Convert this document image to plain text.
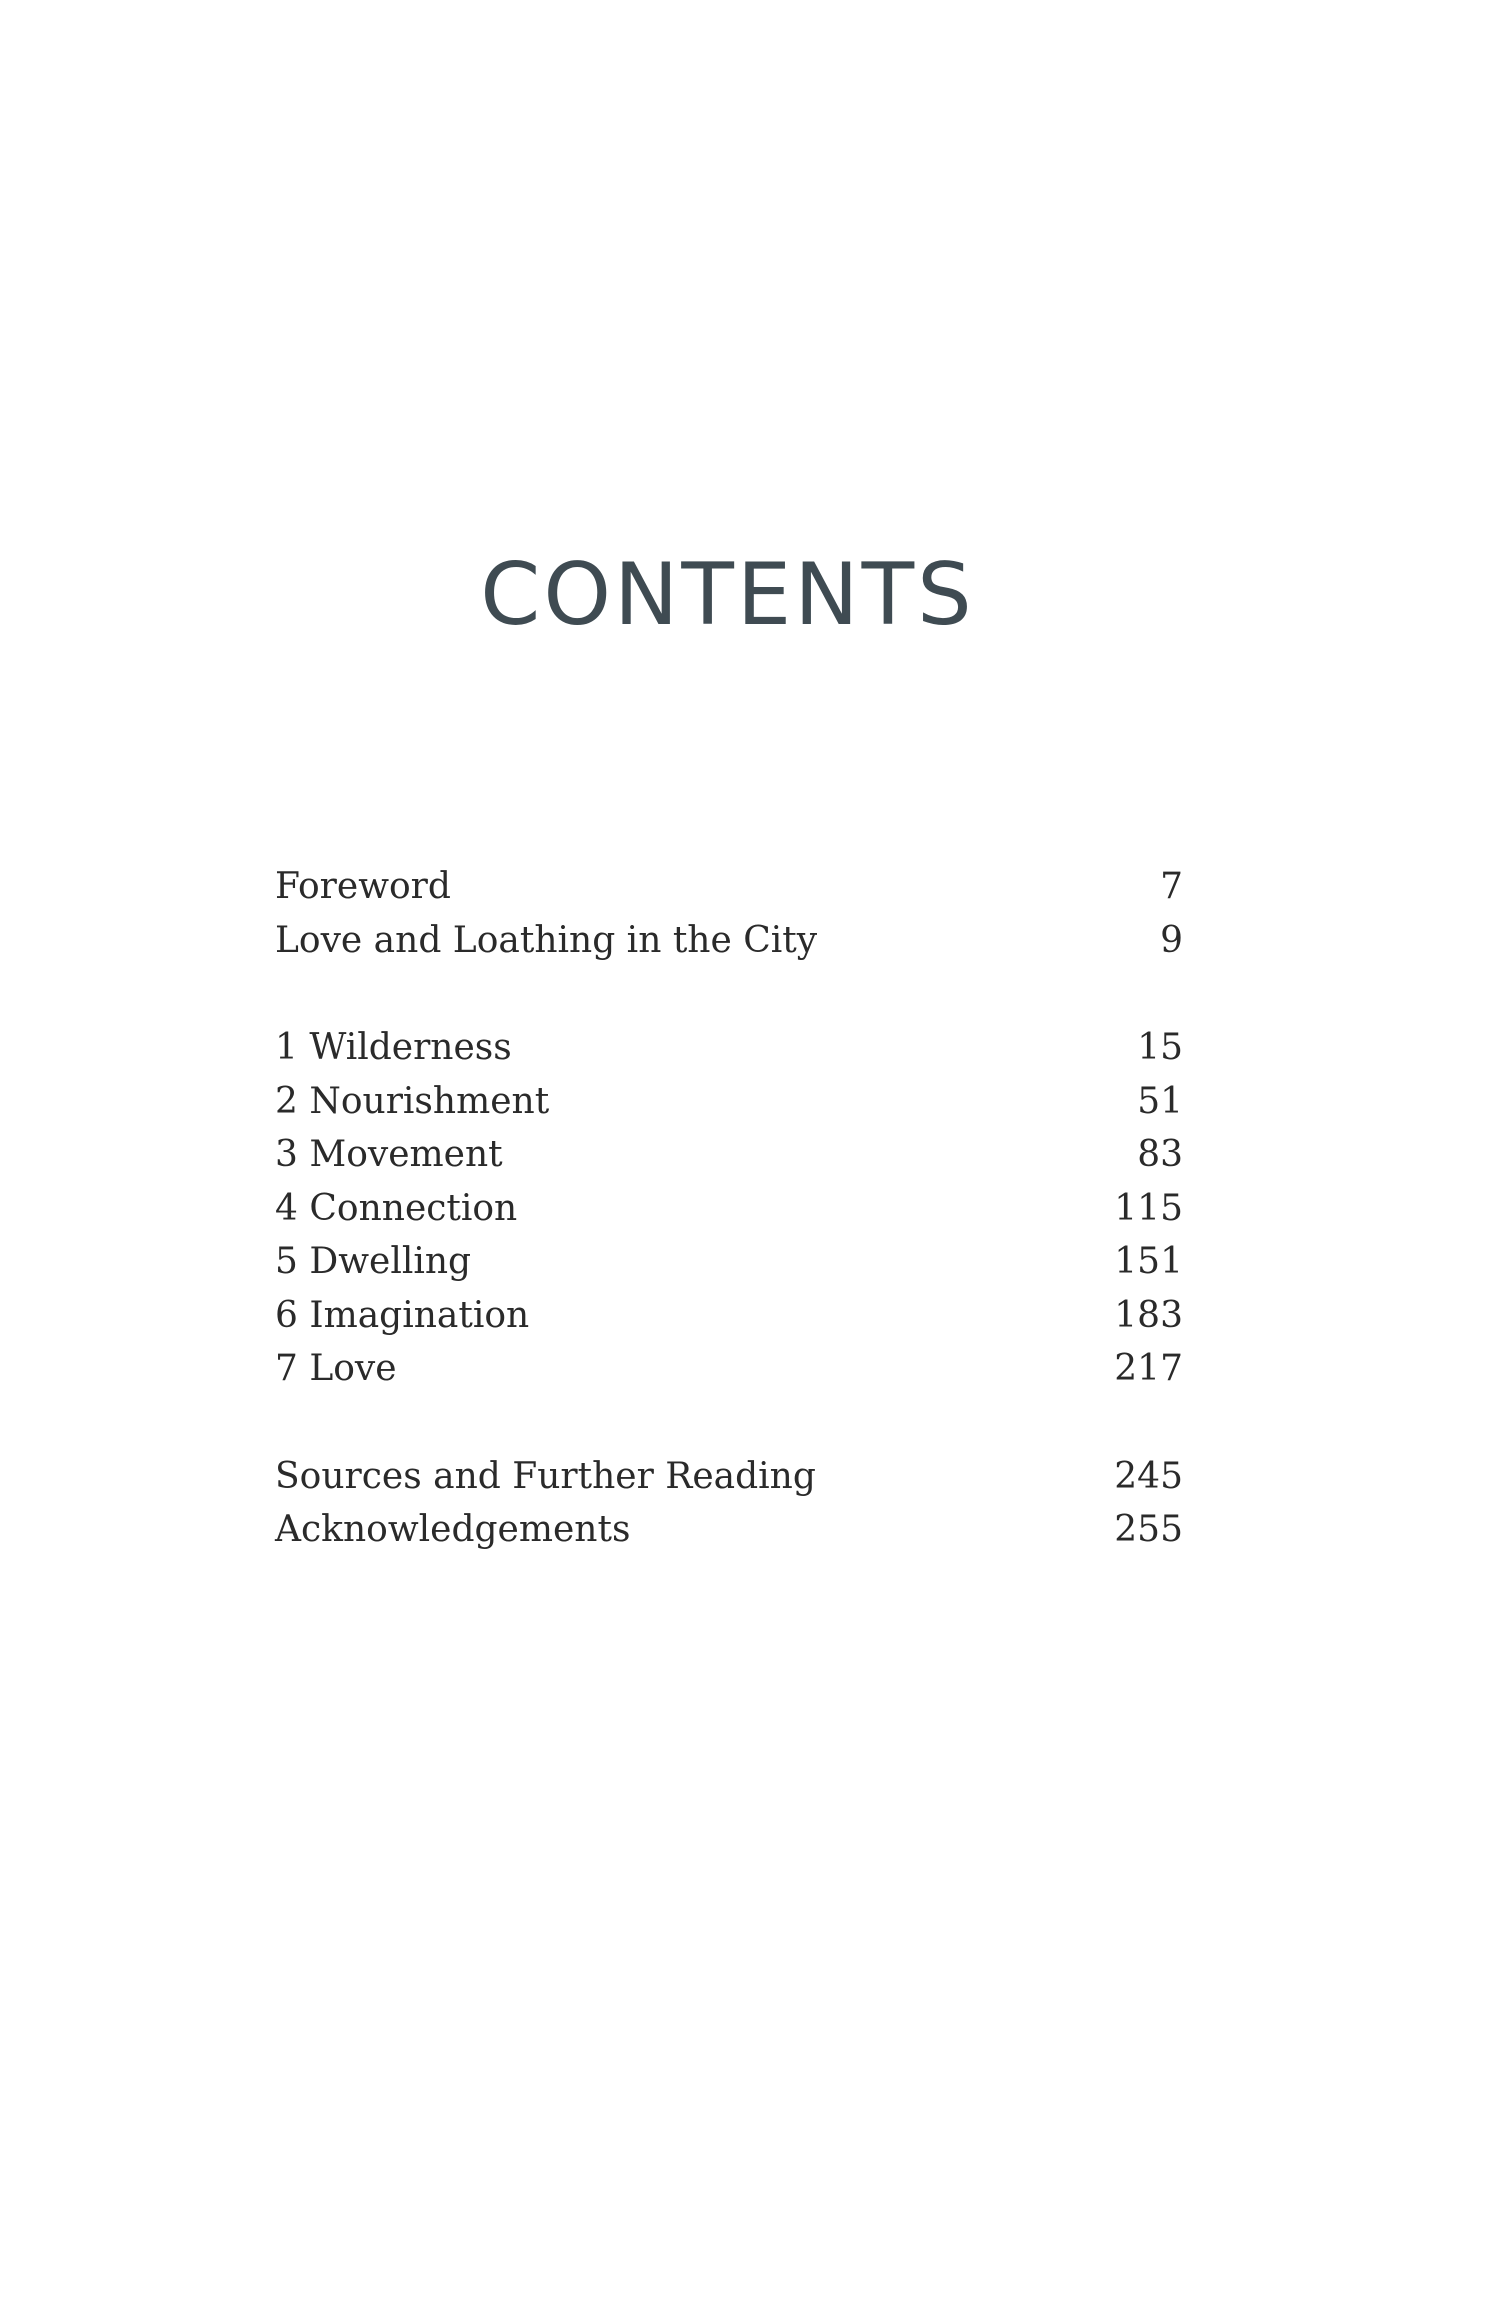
CONTENTS
Foreword	7
Love and Loathing in the City	9
1 Wilderness	15
2 Nourishment	51
3 Movement	83
4 Connection	115
5 Dwelling	151
6 Imagination	183
7 Love	217
Sources and Further Reading	245
Acknowledgements	255
